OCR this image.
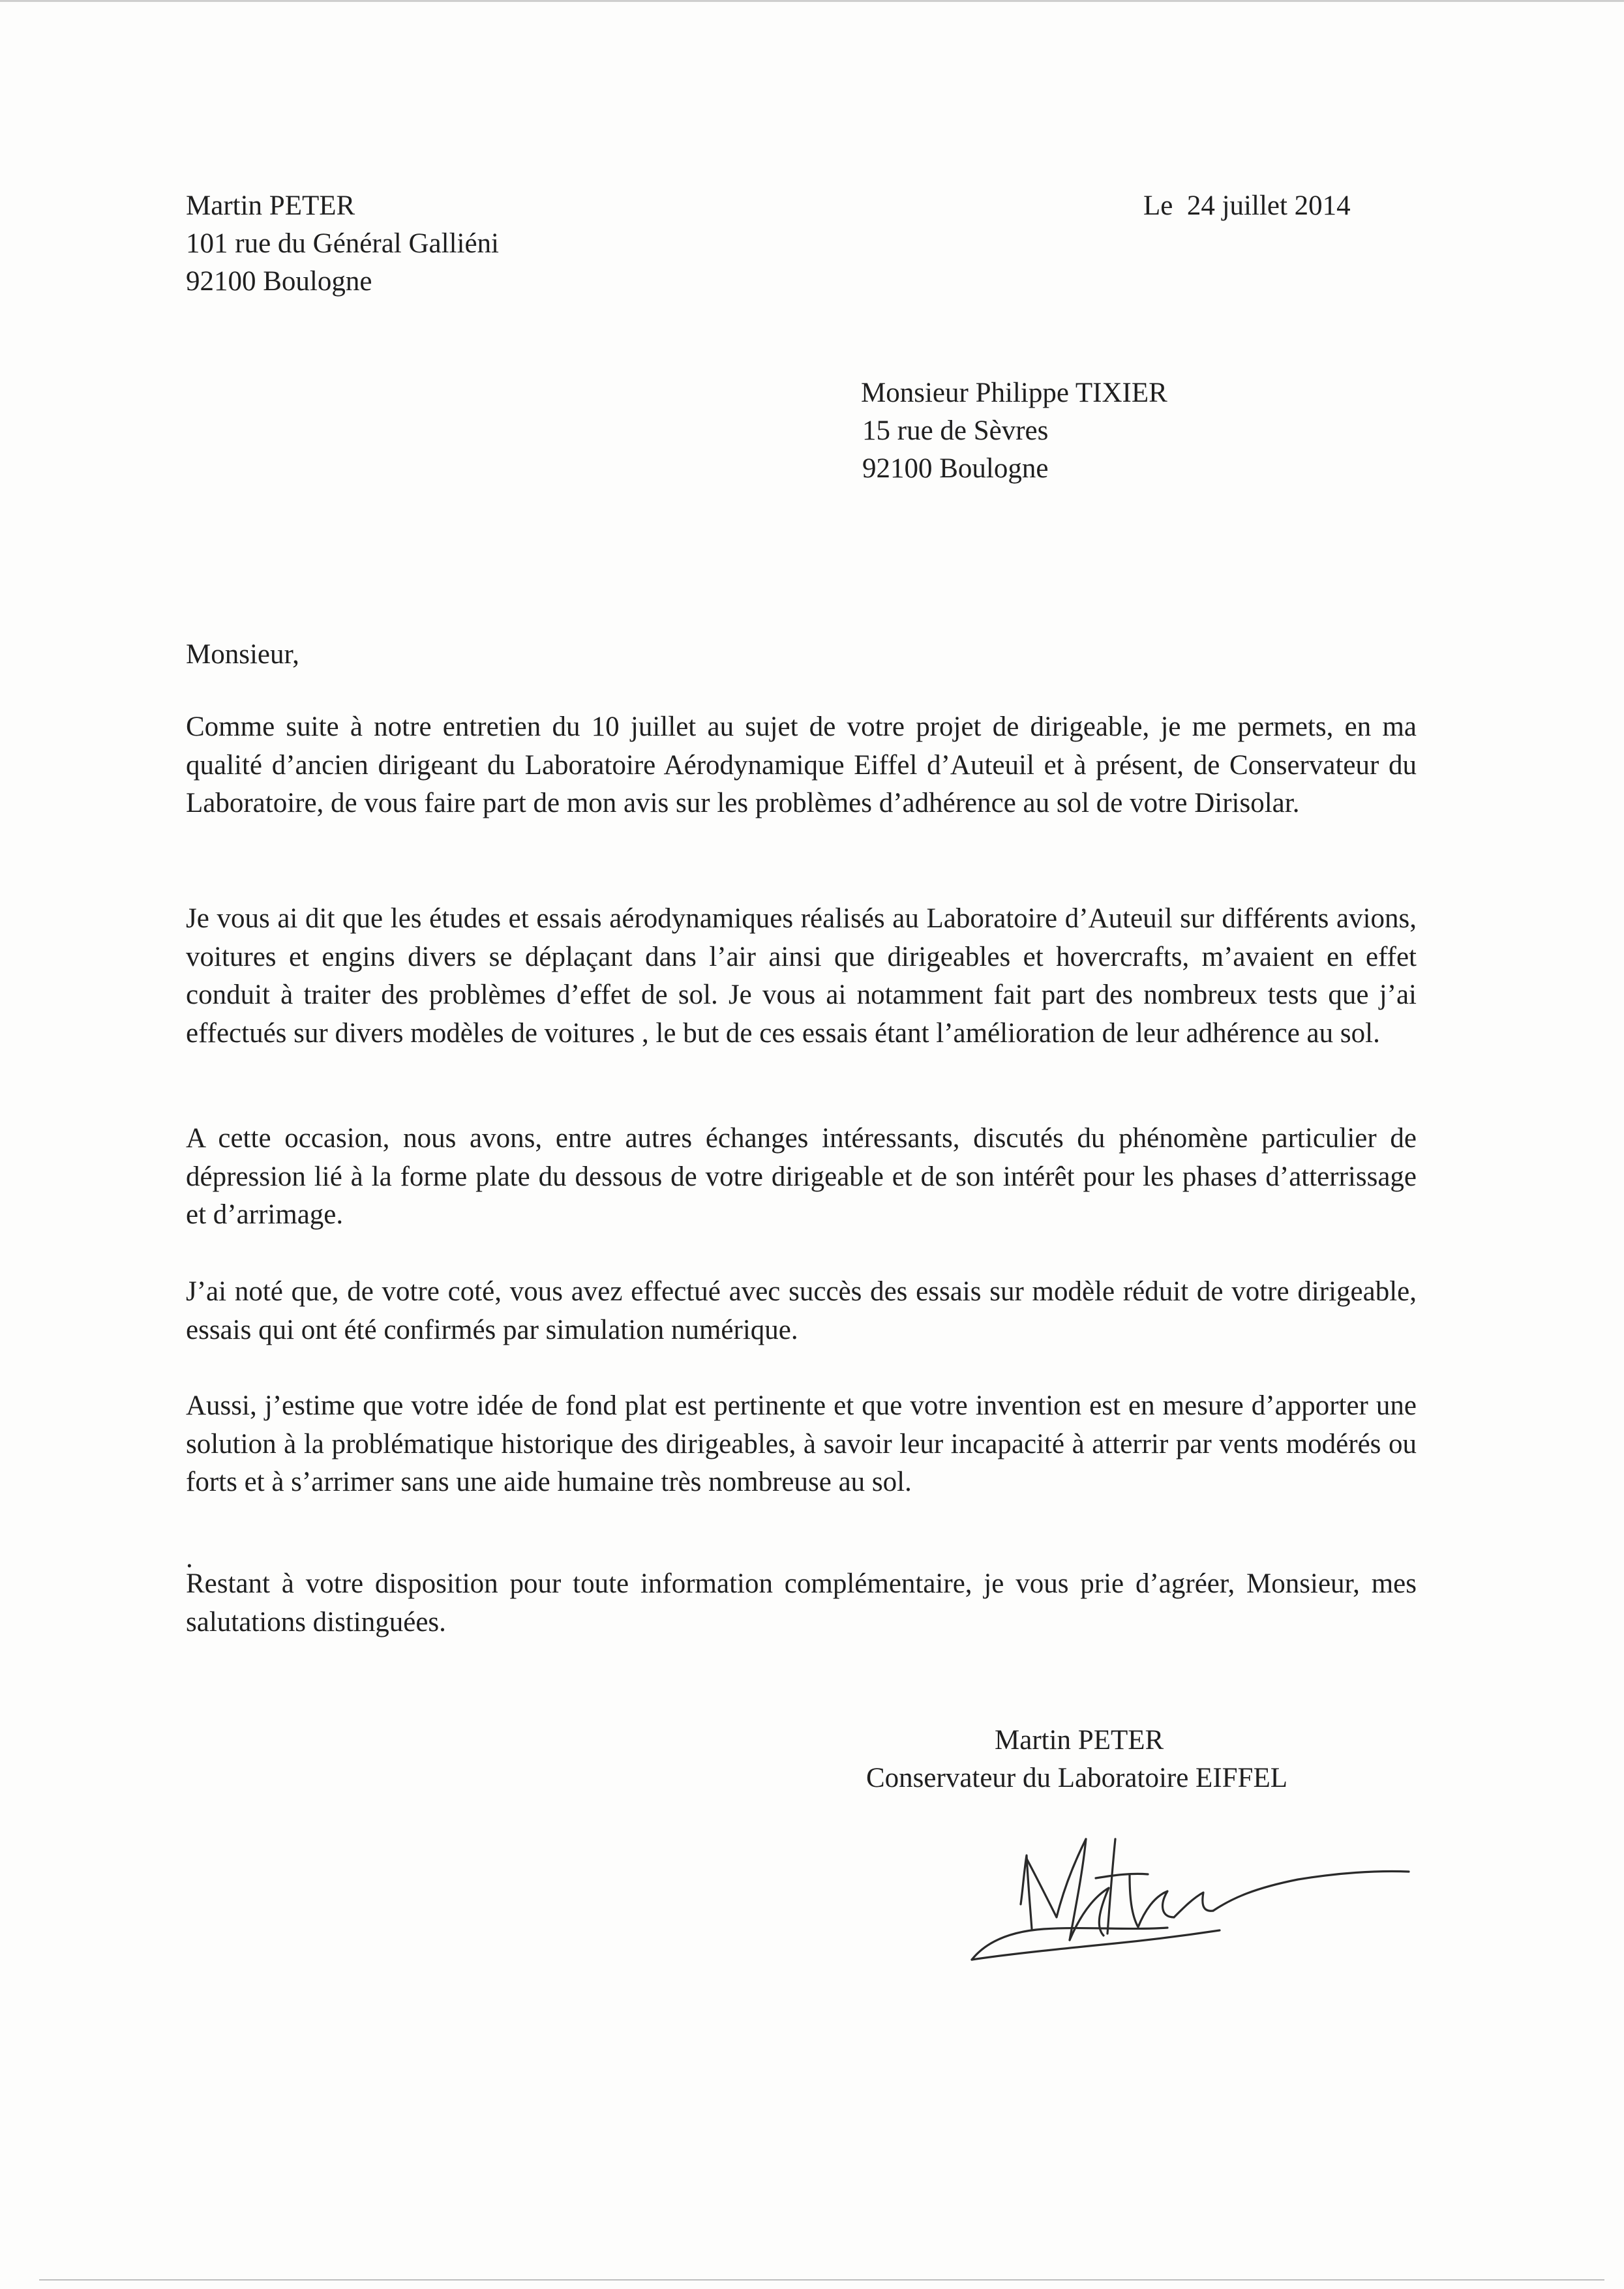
Martin PETER
101 rue du Général Galliéni
92100 Boulogne
Le  24 juillet 2014
Monsieur Philippe TIXIER
15 rue de Sèvres
92100 Boulogne
Monsieur,
Comme suite à notre entretien du 10 juillet au sujet de votre projet de dirigeable, je me permets, en ma qualité d’ancien dirigeant du Laboratoire Aérodynamique Eiffel d’Auteuil et à présent, de Conservateur du Laboratoire, de vous faire part de mon avis sur les problèmes d’adhérence au sol de votre Dirisolar.
Je vous ai dit que les études et essais aérodynamiques réalisés au Laboratoire d’Auteuil sur différents avions, voitures et engins divers se déplaçant dans l’air ainsi que dirigeables et hovercrafts, m’avaient en effet conduit à traiter des problèmes d’effet de sol. Je vous ai notamment fait part des nombreux tests que j’ai effectués sur divers modèles de voitures , le but de ces essais étant l’amélioration de leur adhérence au sol.
A cette occasion, nous avons, entre autres échanges intéressants, discutés du phénomène particulier de dépression lié à la forme plate du dessous de votre dirigeable et de son intérêt pour les phases d’atterrissage et d’arrimage.
J’ai noté que, de votre coté, vous avez effectué avec succès des essais sur modèle réduit de votre dirigeable, essais qui ont été confirmés par simulation numérique.
Aussi, j’estime que votre idée de fond plat est pertinente et que votre invention est en mesure d’apporter une solution à la problématique historique des dirigeables, à savoir leur incapacité à atterrir par vents modérés ou forts et à s’arrimer sans une aide humaine très nombreuse au sol.
.
Restant à votre disposition pour toute information complémentaire, je vous prie d’agréer, Monsieur, mes salutations distinguées.
Martin PETER
Conservateur du Laboratoire EIFFEL
